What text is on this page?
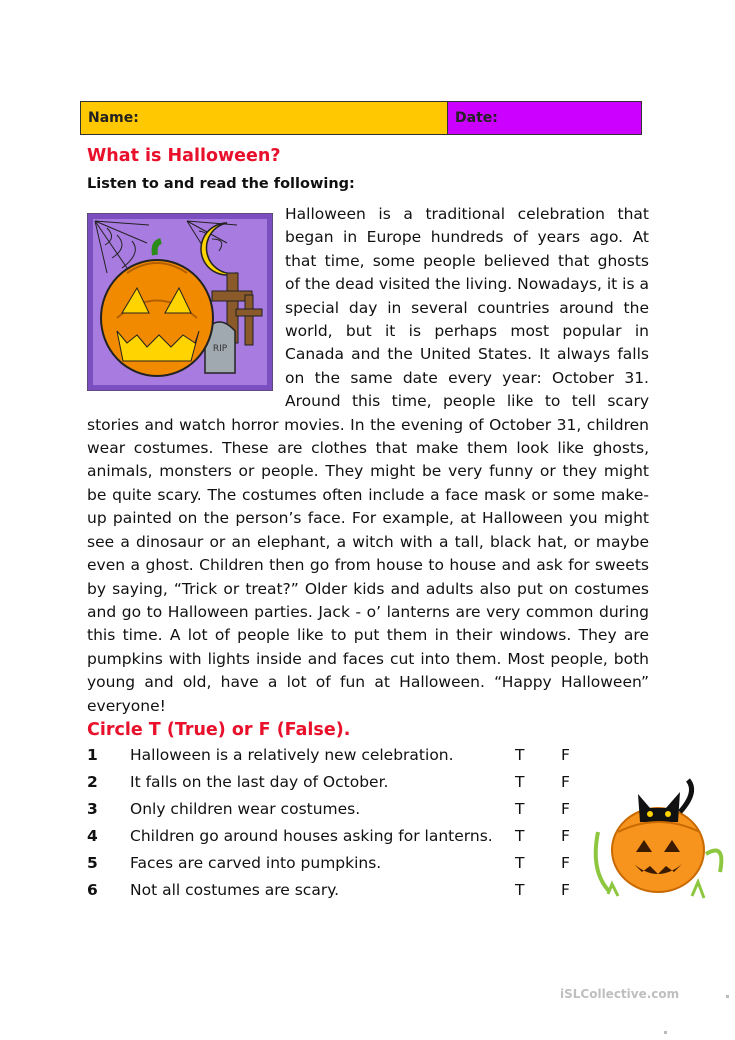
Name:	Date:
What is Halloween?
Listen to and read the following:
RIP
Halloween is a traditional celebration that began in Europe hundreds of years ago. At that time, some people believed that ghosts of the dead visited the living. Nowadays, it is a special day in several countries around the world, but it is perhaps most popular in Canada and the United States. It always falls on the same date every year: October 31. Around this time, people like to tell scary stories and watch horror movies. In the evening of October 31, children wear costumes. These are clothes that make them look like ghosts, animals, monsters or people. They might be very funny or they might be quite scary. The costumes often include a face mask or some make-up painted on the person’s face. For example, at Halloween you might see a dinosaur or an elephant, a witch with a tall, black hat, or maybe even a ghost. Children then go from house to house and ask for sweets by saying, “Trick or treat?” Older kids and adults also put on costumes and go to Halloween parties. Jack - o’ lanterns are very common during this time. A lot of people like to put them in their windows. They are pumpkins with lights inside and faces cut into them. Most people, both young and old, have a lot of fun at Halloween. “Happy Halloween” everyone!
Circle T (True) or F (False).
1 Halloween is a relatively new celebration.	T F
2 It falls on the last day of October.	T F
3 Only children wear costumes.	T F
4 Children go around houses asking for lanterns. T F
5 Faces are carved into pumpkins.	T F
6 Not all costumes are scary.	T F
iSLCollective.com
